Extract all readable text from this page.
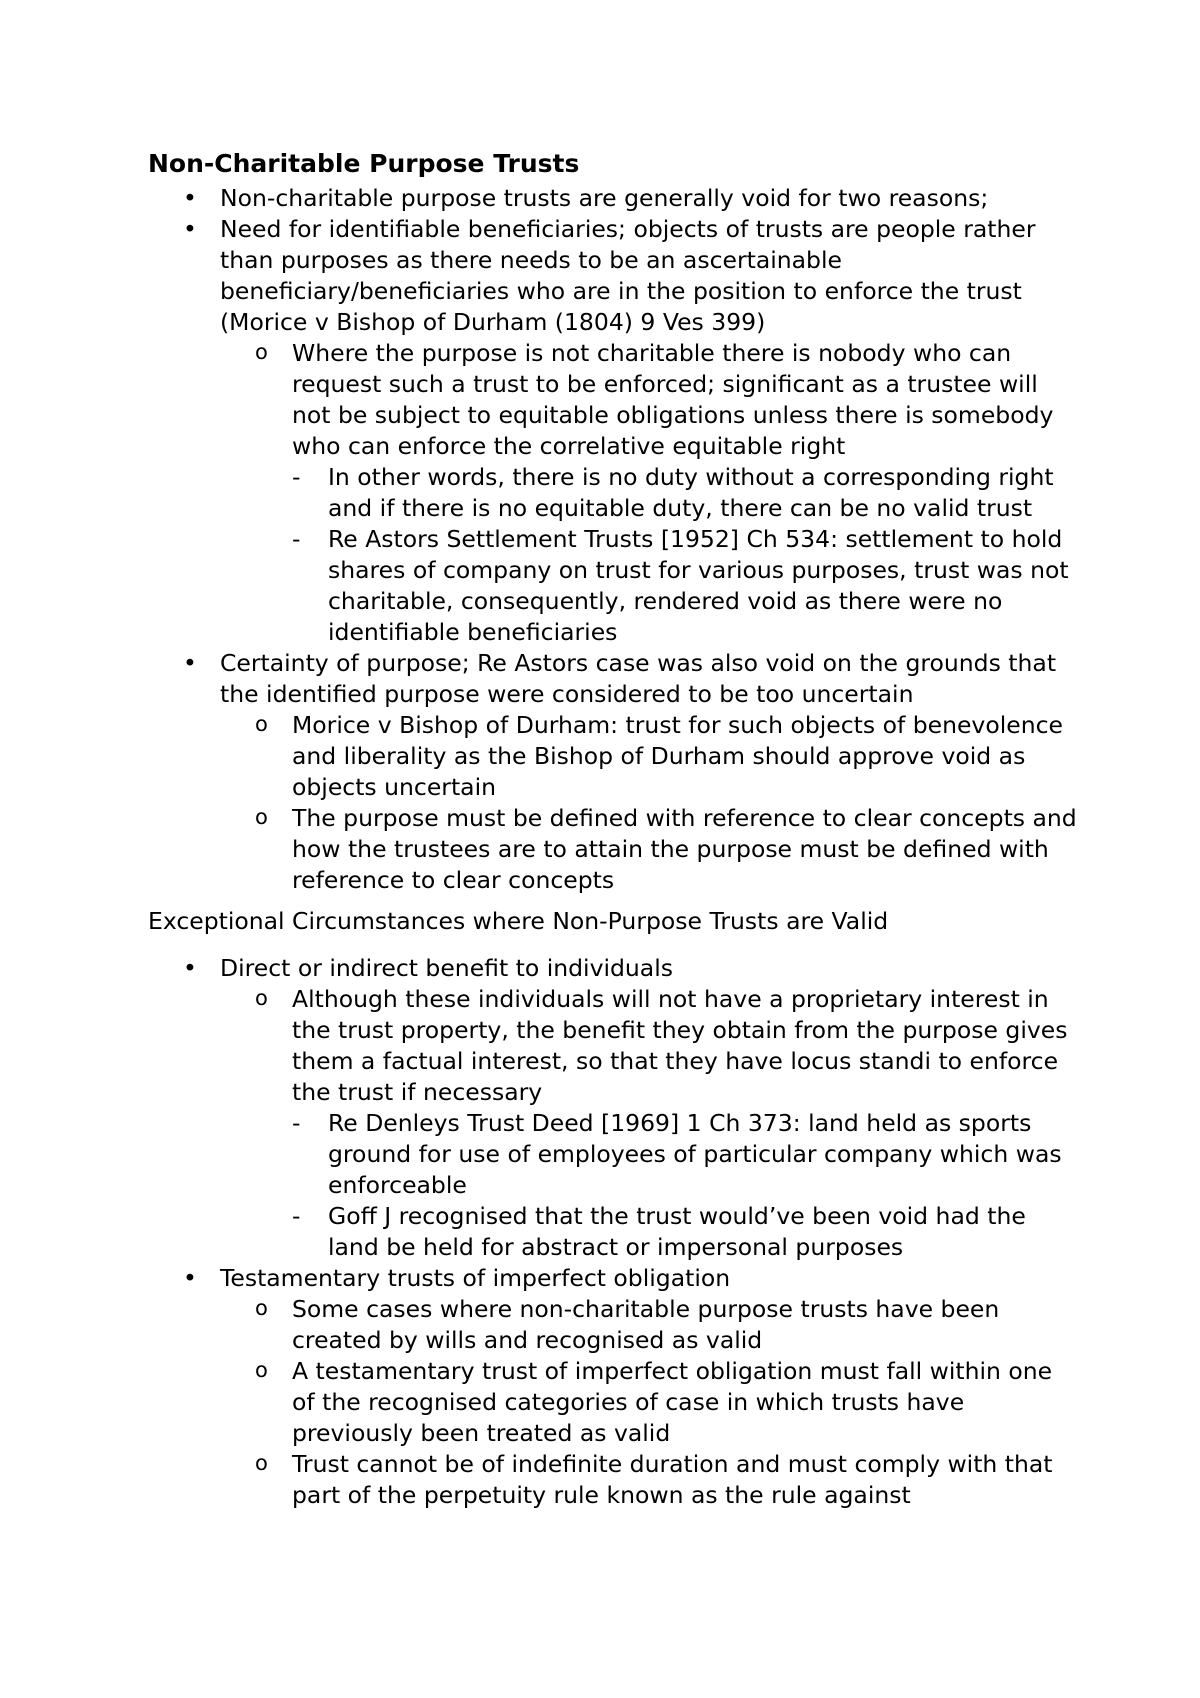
Non-Charitable Purpose Trusts
• Non-charitable purpose trusts are generally void for two reasons;
• Need for identifiable beneficiaries; objects of trusts are people rather than purposes as there needs to be an ascertainable beneficiary/beneficiaries who are in the position to enforce the trust (Morice v Bishop of Durham (1804) 9 Ves 399)
o Where the purpose is not charitable there is nobody who can request such a trust to be enforced; significant as a trustee will not be subject to equitable obligations unless there is somebody who can enforce the correlative equitable right
- In other words, there is no duty without a corresponding right and if there is no equitable duty, there can be no valid trust
- Re Astors Settlement Trusts [1952] Ch 534: settlement to hold shares of company on trust for various purposes, trust was not charitable, consequently, rendered void as there were no identifiable beneficiaries
• Certainty of purpose; Re Astors case was also void on the grounds that the identified purpose were considered to be too uncertain
o Morice v Bishop of Durham: trust for such objects of benevolence and liberality as the Bishop of Durham should approve void as objects uncertain
o The purpose must be defined with reference to clear concepts and how the trustees are to attain the purpose must be defined with reference to clear concepts

Exceptional Circumstances where Non-Purpose Trusts are Valid

• Direct or indirect benefit to individuals
o Although these individuals will not have a proprietary interest in the trust property, the benefit they obtain from the purpose gives them a factual interest, so that they have locus standi to enforce the trust if necessary
- Re Denleys Trust Deed [1969] 1 Ch 373: land held as sports ground for use of employees of particular company which was enforceable
- Goff J recognised that the trust would’ve been void had the land be held for abstract or impersonal purposes
• Testamentary trusts of imperfect obligation
o Some cases where non-charitable purpose trusts have been created by wills and recognised as valid
o A testamentary trust of imperfect obligation must fall within one of the recognised categories of case in which trusts have previously been treated as valid
o Trust cannot be of indefinite duration and must comply with that part of the perpetuity rule known as the rule against
